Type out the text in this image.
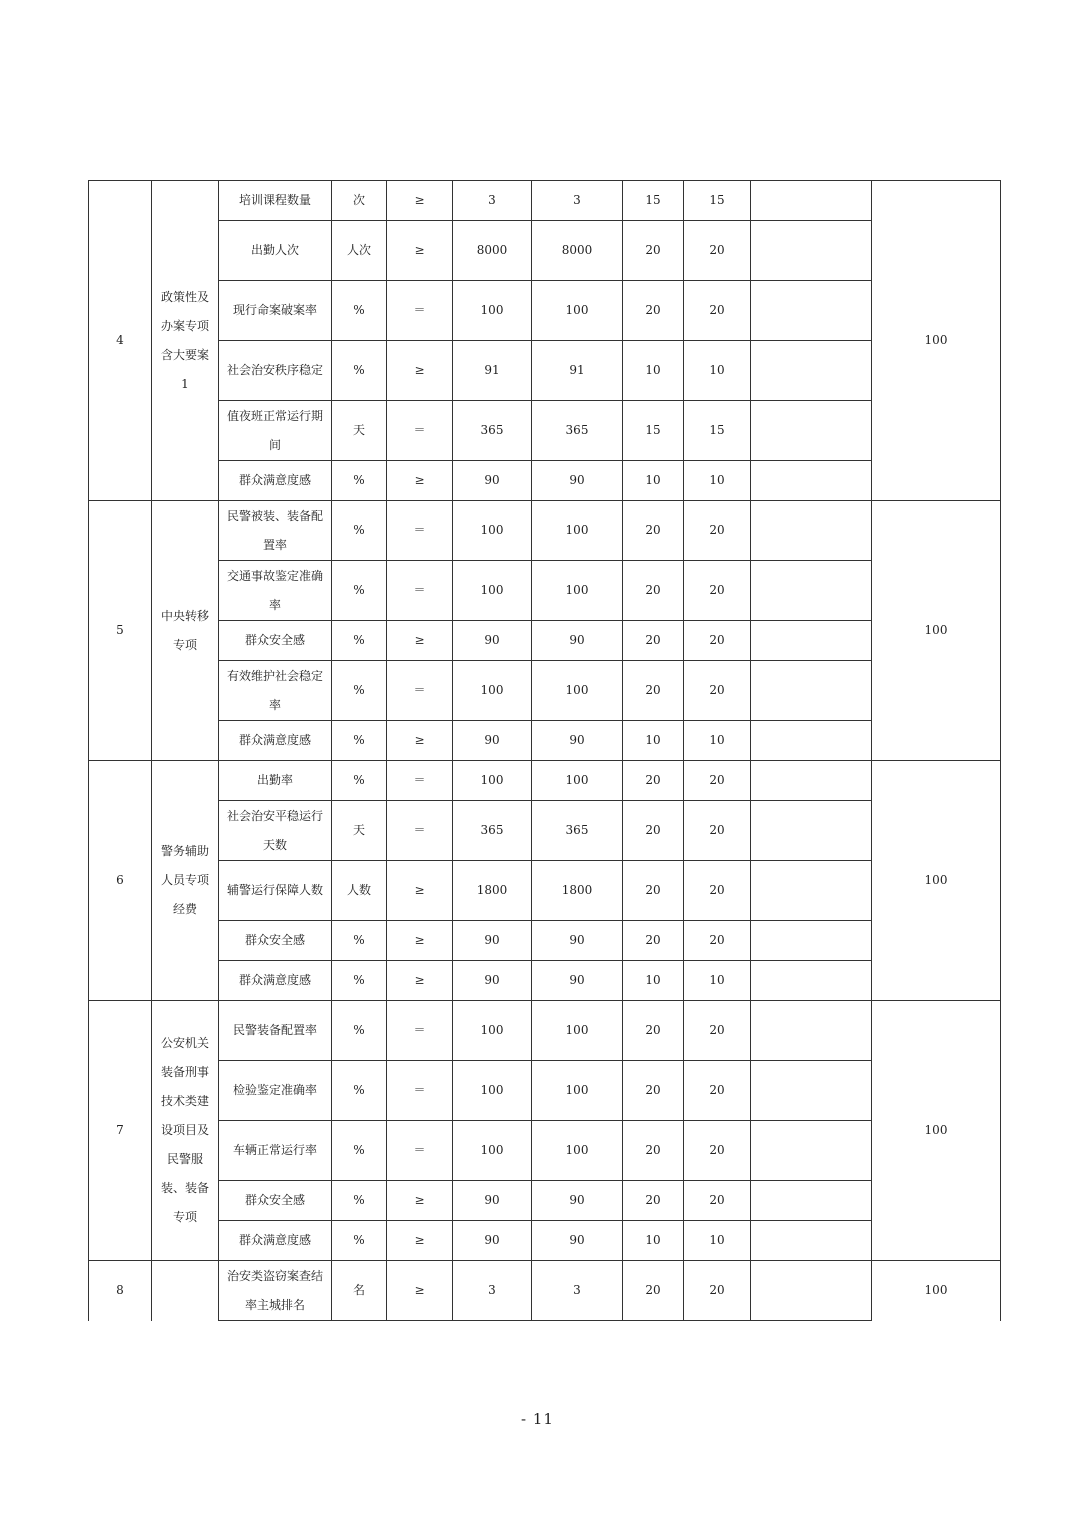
4	政策性及办案专项含大要案 1	培训课程数量	次	≥	3	3	15	15		100
		出勤人次	人次	≥	8000	8000	20	20		
		现行命案破案率	%	＝	100	100	20	20		
		社会治安秩序稳定	%	≥	91	91	10	10		
		值夜班正常运行期间	天	＝	365	365	15	15		
		群众满意度感	%	≥	90	90	10	10		
5	中央转移专项	民警被装、装备配置率	%	＝	100	100	20	20		100
		交通事故鉴定准确率	%	＝	100	100	20	20		
		群众安全感	%	≥	90	90	20	20		
		有效维护社会稳定率	%	＝	100	100	20	20		
		群众满意度感	%	≥	90	90	10	10		
6	警务辅助人员专项经费	出勤率	%	＝	100	100	20	20		100
		社会治安平稳运行天数	天	＝	365	365	20	20		
		辅警运行保障人数	人数	≥	1800	1800	20	20		
		群众安全感	%	≥	90	90	20	20		
		群众满意度感	%	≥	90	90	10	10		
7	公安机关装备刑事技术类建设项目及民警服装、装备专项	民警装备配置率	%	＝	100	100	20	20		100
		检验鉴定准确率	%	＝	100	100	20	20		
		车辆正常运行率	%	＝	100	100	20	20		
		群众安全感	%	≥	90	90	20	20		
		群众满意度感	%	≥	90	90	10	10		
8		治安类盗窃案查结率主城排名	名	≥	3	3	20	20		100
- 11
